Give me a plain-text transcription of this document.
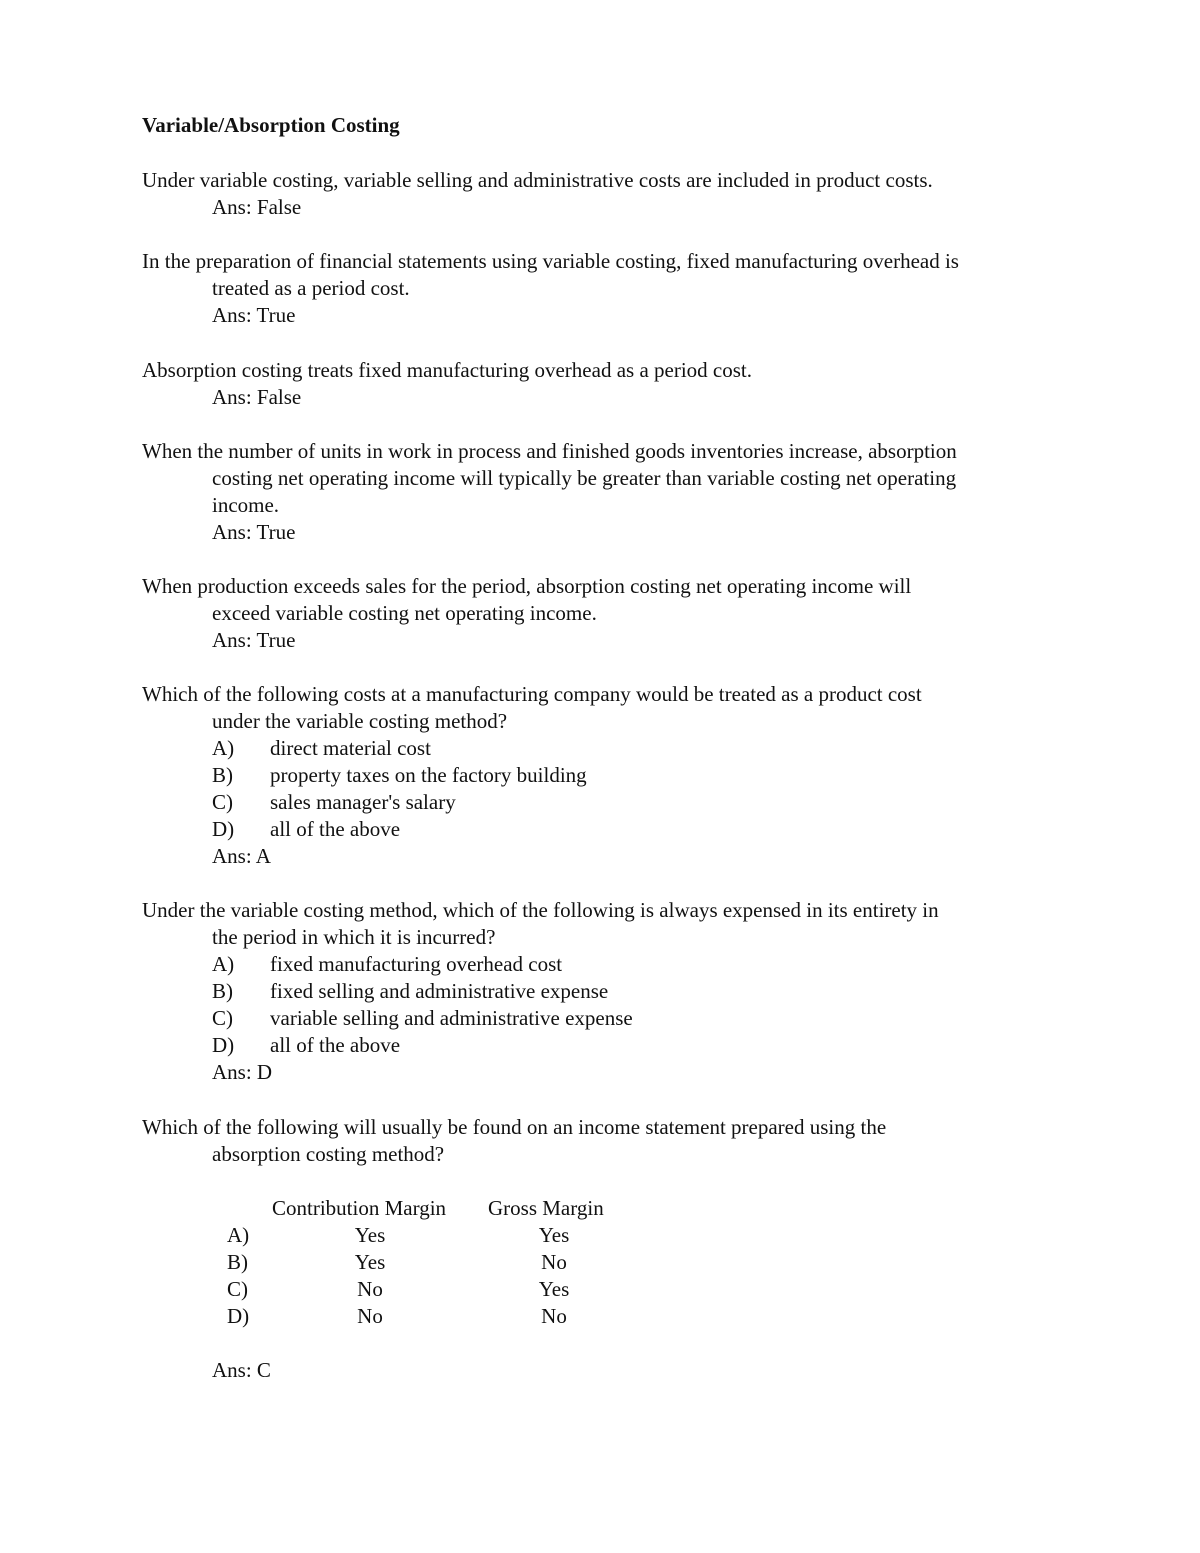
Variable/Absorption Costing
Under variable costing, variable selling and administrative costs are included in product costs.
Ans: False
In the preparation of financial statements using variable costing, fixed manufacturing overhead is
treated as a period cost.
Ans: True
Absorption costing treats fixed manufacturing overhead as a period cost.
Ans: False
When the number of units in work in process and finished goods inventories increase, absorption
costing net operating income will typically be greater than variable costing net operating
income.
Ans: True
When production exceeds sales for the period, absorption costing net operating income will
exceed variable costing net operating income.
Ans: True
Which of the following costs at a manufacturing company would be treated as a product cost
under the variable costing method?
A) direct material cost
B) property taxes on the factory building
C) sales manager's salary
D) all of the above
Ans: A
Under the variable costing method, which of the following is always expensed in its entirety in
the period in which it is incurred?
A) fixed manufacturing overhead cost
B) fixed selling and administrative expense
C) variable selling and administrative expense
D) all of the above
Ans: D
Which of the following will usually be found on an income statement prepared using the
absorption costing method?
Contribution Margin Gross Margin
A)	Yes	Yes
B)	Yes	No
C)	No	Yes
D)	No	No
Ans: C
